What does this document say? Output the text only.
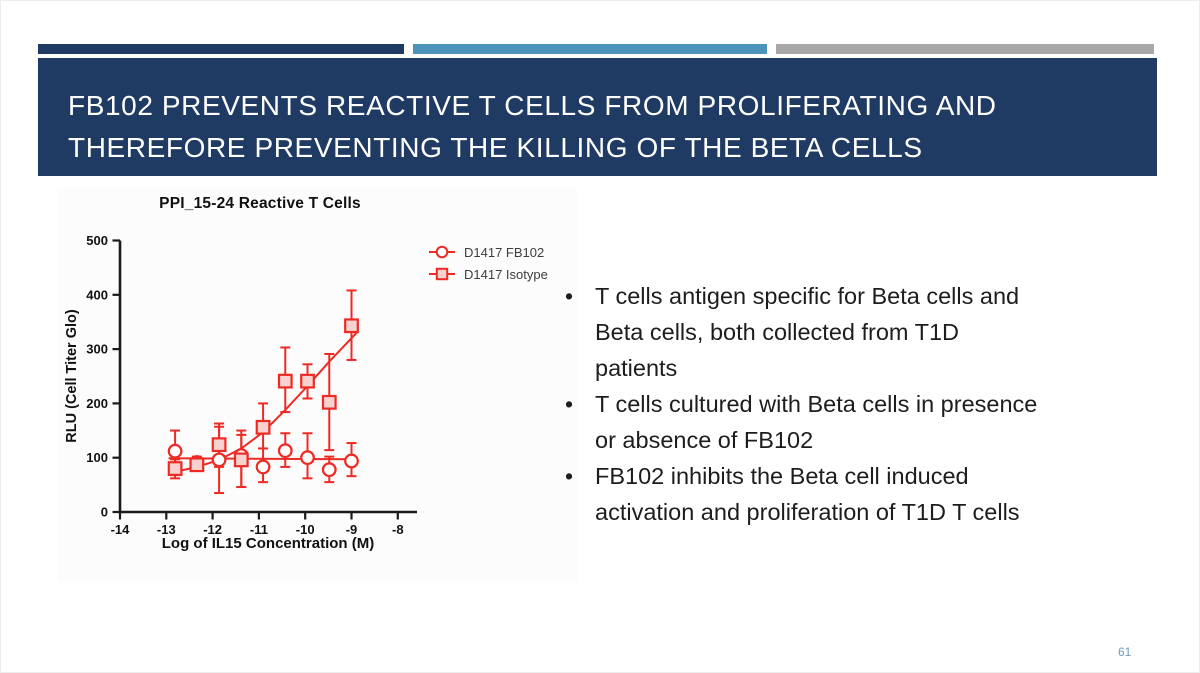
FB102 PREVENTS REACTIVE T CELLS FROM PROLIFERATING AND
THEREFORE PREVENTING THE KILLING OF THE BETA CELLS
PPI_15-24 Reactive T Cells
D1417 FB102
D1417 Isotype
RLU (Cell Titer Glo)
Log of IL15 Concentration (M)
0
100
200
300
400
500
-14 -13 -12 -11 -10 -9	-8
• T cells antigen specific for Beta cells and
Beta cells, both collected from T1D
patients
• T cells cultured with Beta cells in presence
or absence of FB102
• FB102 inhibits the Beta cell induced
activation and proliferation of T1D T cells
61
